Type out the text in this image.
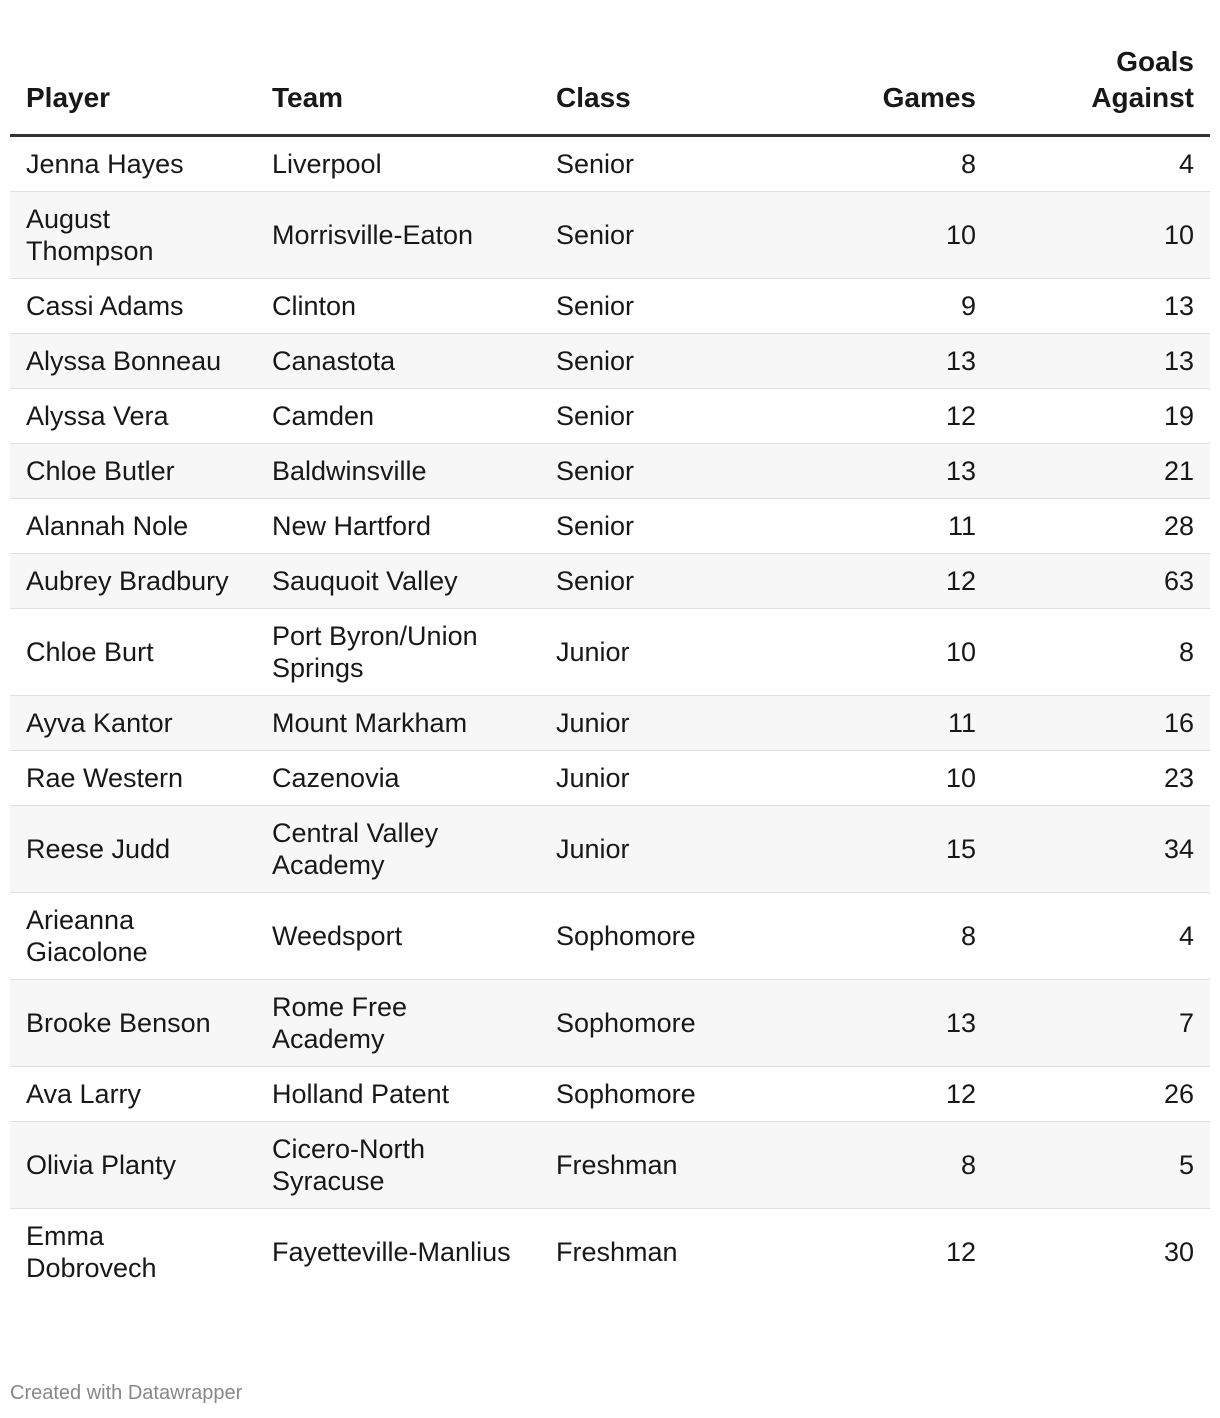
Player	Team	Class	Games	Goals
Against
Jenna Hayes	Liverpool	Senior	8	4
August Thompson	Morrisville-Eaton	Senior	10	10
Cassi Adams	Clinton	Senior	9	13
Alyssa Bonneau	Canastota	Senior	13	13
Alyssa Vera	Camden	Senior	12	19
Chloe Butler	Baldwinsville	Senior	13	21
Alannah Nole	New Hartford	Senior	11	28
Aubrey Bradbury	Sauquoit Valley	Senior	12	63
Chloe Burt	Port Byron/Union Springs	Junior	10	8
Ayva Kantor	Mount Markham	Junior	11	16
Rae Western	Cazenovia	Junior	10	23
Reese Judd	Central Valley Academy	Junior	15	34
Arieanna Giacolone	Weedsport	Sophomore	8	4
Brooke Benson	Rome Free Academy	Sophomore	13	7
Ava Larry	Holland Patent	Sophomore	12	26
Olivia Planty	Cicero-North Syracuse	Freshman	8	5
Emma Dobrovech	Fayetteville-Manlius	Freshman	12	30
Created with Datawrapper
